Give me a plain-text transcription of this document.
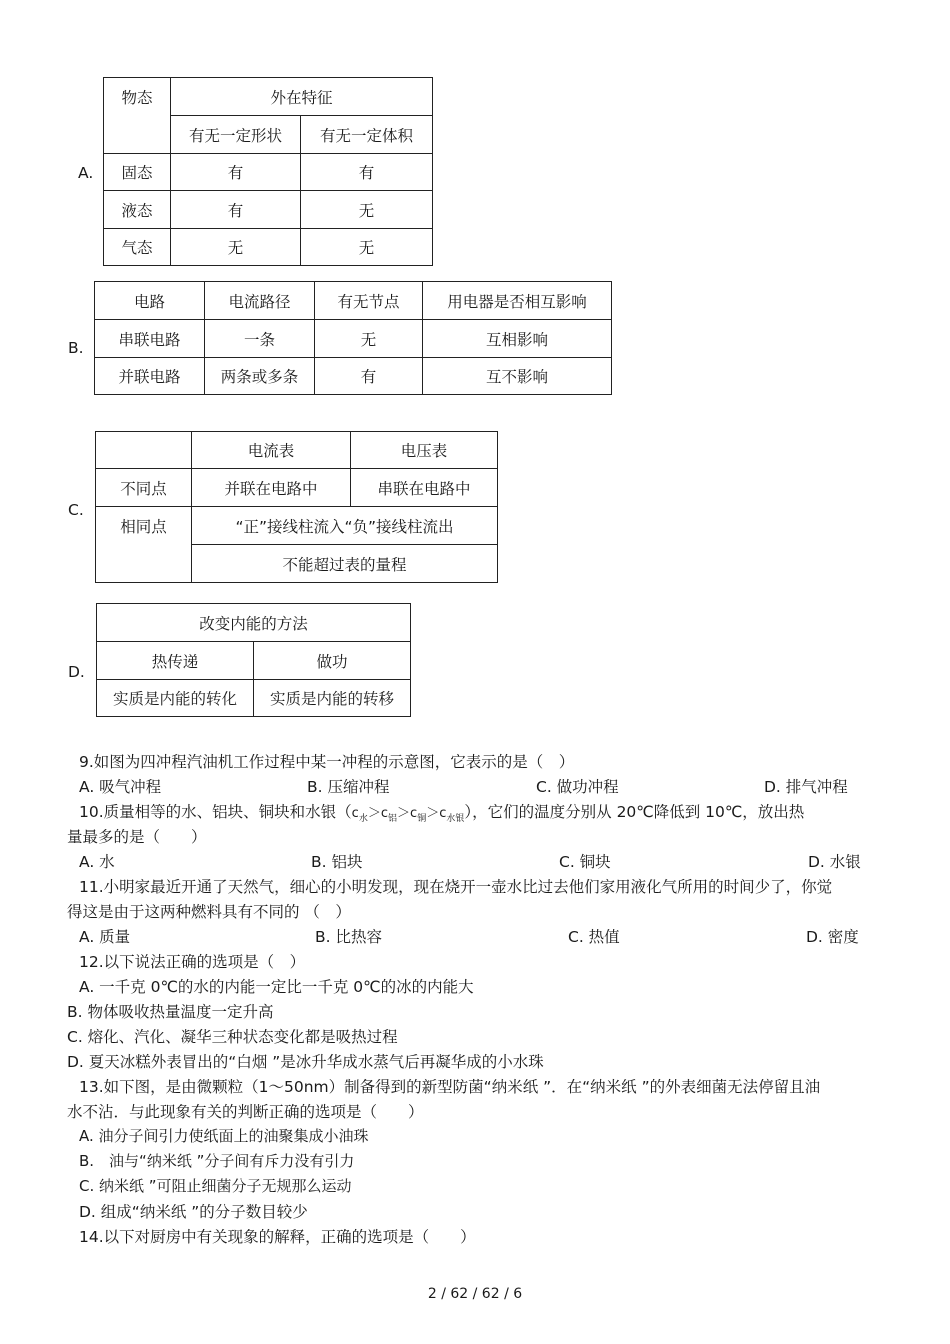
A.
物态	外在特征	
	有无一定形状	有无一定体积
固态	有	有
液态	有	无
气态	无	无
B.
电路	电流路径	有无节点	用电器是否相互影响
串联电路	一条	无	互相影响
并联电路	两条或多条	有	互不影响
C.
	电流表	电压表
不同点	并联在电路中	串联在电路中
相同点	“正”接线柱流入“负”接线柱流出	
	不能超过表的量程	
D.
改变内能的方法	
热传递	做功
实质是内能的转化	实质是内能的转移
9.如图为四冲程汽油机工作过程中某一冲程的示意图，它表示的是（　）
A. 吸气冲程	B. 压缩冲程	C. 做功冲程	D. 排气冲程
10.质量相等的水、铝块、铜块和水银$(c_水>c_铝>c_铜>c_{水银})$，它们的温度分别从 20℃降低到 10℃，放出热
量最多的是（　　）
A. 水	B. 铝块	C. 铜块	D. 水银
11.小明家最近开通了天然气，细心的小明发现，现在烧开一壶水比过去他们家用液化气所用的时间少了，你觉
得这是由于这两种燃料具有不同的 （　）
A. 质量	B. 比热容	C. 热值	D. 密度
12.以下说法正确的选项是（　）
A. 一千克 0℃的水的内能一定比一千克 0℃的冰的内能大
B. 物体吸收热量温度一定升高
C. 熔化、汽化、凝华三种状态变化都是吸热过程
D. 夏天冰糕外表冒出的“白烟 ”是冰升华成水蒸气后再凝华成的小水珠
13.如下图，是由微颗粒（1～50nm）制备得到的新型防菌“纳米纸 ”．在“纳米纸 ”的外表细菌无法停留且油
水不沾．与此现象有关的判断正确的选项是（　　）
A. 油分子间引力使纸面上的油聚集成小油珠
B.　油与“纳米纸 ”分子间有斥力没有引力
C. 纳米纸 ”可阻止细菌分子无规那么运动
D. 组成“纳米纸 ”的分子数目较少
14.以下对厨房中有关现象的解释，正确的选项是（　　）
2 / 62 / 62 / 6
